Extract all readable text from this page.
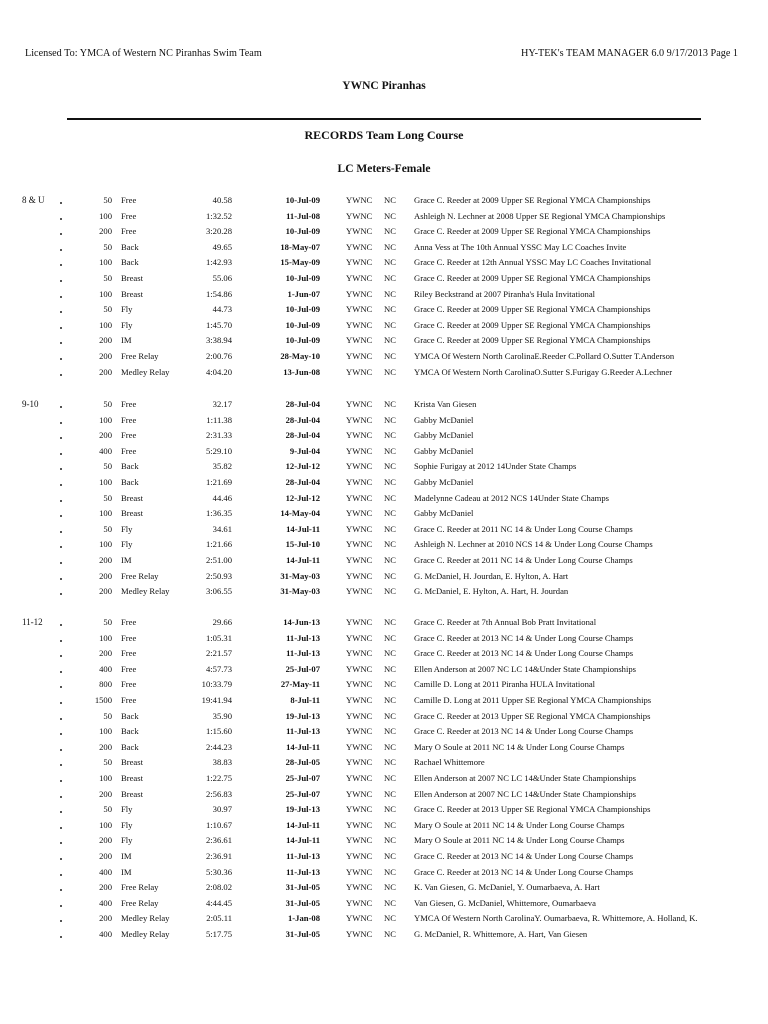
Licensed To: YMCA of Western NC Piranhas Swim Team	HY-TEK's TEAM MANAGER 6.0 9/17/2013 Page 1
YWNC Piranhas
RECORDS Team Long Course
LC Meters-Female
8 & U	50 Free	40.58	10-Jul-09	YWNC NC Grace C. Reeder at 2009 Upper SE Regional YMCA Championships
100 Free	1:32.52	11-Jul-08	YWNC NC Ashleigh N. Lechner at 2008 Upper SE Regional YMCA Championships
200 Free	3:20.28	10-Jul-09	YWNC NC Grace C. Reeder at 2009 Upper SE Regional YMCA Championships
50 Back	49.65	18-May-07	YWNC NC Anna Vess at The 10th Annual YSSC May LC Coaches Invite
100 Back	1:42.93	15-May-09	YWNC NC Grace C. Reeder at 12th Annual YSSC May LC Coaches Invitational
50 Breast	55.06	10-Jul-09	YWNC NC Grace C. Reeder at 2009 Upper SE Regional YMCA Championships
100 Breast	1:54.86	1-Jun-07	YWNC NC Riley Beckstrand at 2007 Piranha's Hula Invitational
50 Fly	44.73	10-Jul-09	YWNC NC Grace C. Reeder at 2009 Upper SE Regional YMCA Championships
100 Fly	1:45.70	10-Jul-09	YWNC NC Grace C. Reeder at 2009 Upper SE Regional YMCA Championships
200 IM	3:38.94	10-Jul-09	YWNC NC Grace C. Reeder at 2009 Upper SE Regional YMCA Championships
200 Free Relay	2:00.76	28-May-10	YWNC NC YMCA Of Western North CarolinaE.Reeder C.Pollard O.Sutter T.Anderson
200 Medley Relay	4:04.20	13-Jun-08	YWNC NC YMCA Of Western North CarolinaO.Sutter S.Furigay G.Reeder A.Lechner
9-10	50 Free	32.17	28-Jul-04	YWNC NC Krista Van Giesen
100 Free	1:11.38	28-Jul-04	YWNC NC Gabby McDaniel
200 Free	2:31.33	28-Jul-04	YWNC NC Gabby McDaniel
400 Free	5:29.10	9-Jul-04	YWNC NC Gabby McDaniel
50 Back	35.82	12-Jul-12	YWNC NC Sophie Furigay at 2012 14Under State Champs
100 Back	1:21.69	28-Jul-04	YWNC NC Gabby McDaniel
50 Breast	44.46	12-Jul-12	YWNC NC Madelynne Cadeau at 2012 NCS 14Under State Champs
100 Breast	1:36.35	14-May-04	YWNC NC Gabby McDaniel
50 Fly	34.61	14-Jul-11	YWNC NC Grace C. Reeder at 2011 NC 14 & Under Long Course Champs
100 Fly	1:21.66	15-Jul-10	YWNC NC Ashleigh N. Lechner at 2010 NCS 14 & Under Long Course Champs
200 IM	2:51.00	14-Jul-11	YWNC NC Grace C. Reeder at 2011 NC 14 & Under Long Course Champs
200 Free Relay	2:50.93	31-May-03	YWNC NC G. McDaniel, H. Jourdan, E. Hylton, A. Hart
200 Medley Relay	3:06.55	31-May-03	YWNC NC G. McDaniel, E. Hylton, A. Hart, H. Jourdan
11-12	50 Free	29.66	14-Jun-13	YWNC NC Grace C. Reeder at 7th Annual Bob Pratt Invitational
100 Free	1:05.31	11-Jul-13	YWNC NC Grace C. Reeder at 2013 NC 14 & Under Long Course Champs
200 Free	2:21.57	11-Jul-13	YWNC NC Grace C. Reeder at 2013 NC 14 & Under Long Course Champs
400 Free	4:57.73	25-Jul-07	YWNC NC Ellen Anderson at 2007 NC LC 14&Under State Championships
800 Free	10:33.79	27-May-11	YWNC NC Camille D. Long at 2011 Piranha HULA Invitational
1500 Free	19:41.94	8-Jul-11	YWNC NC Camille D. Long at 2011 Upper SE Regional YMCA Championships
50 Back	35.90	19-Jul-13	YWNC NC Grace C. Reeder at 2013 Upper SE Regional YMCA Championships
100 Back	1:15.60	11-Jul-13	YWNC NC Grace C. Reeder at 2013 NC 14 & Under Long Course Champs
200 Back	2:44.23	14-Jul-11	YWNC NC Mary O Soule at 2011 NC 14 & Under Long Course Champs
50 Breast	38.83	28-Jul-05	YWNC NC Rachael Whittemore
100 Breast	1:22.75	25-Jul-07	YWNC NC Ellen Anderson at 2007 NC LC 14&Under State Championships
200 Breast	2:56.83	25-Jul-07	YWNC NC Ellen Anderson at 2007 NC LC 14&Under State Championships
50 Fly	30.97	19-Jul-13	YWNC NC Grace C. Reeder at 2013 Upper SE Regional YMCA Championships
100 Fly	1:10.67	14-Jul-11	YWNC NC Mary O Soule at 2011 NC 14 & Under Long Course Champs
200 Fly	2:36.61	14-Jul-11	YWNC NC Mary O Soule at 2011 NC 14 & Under Long Course Champs
200 IM	2:36.91	11-Jul-13	YWNC NC Grace C. Reeder at 2013 NC 14 & Under Long Course Champs
400 IM	5:30.36	11-Jul-13	YWNC NC Grace C. Reeder at 2013 NC 14 & Under Long Course Champs
200 Free Relay	2:08.02	31-Jul-05	YWNC NC K. Van Giesen, G. McDaniel, Y. Oumarbaeva, A. Hart
400 Free Relay	4:44.45	31-Jul-05	YWNC NC Van Giesen, G. McDaniel, Whittemore, Oumarbaeva
200 Medley Relay	2:05.11	1-Jan-08	YWNC NC YMCA Of Western North CarolinaY. Oumarbaeva, R. Whittemore, A. Holland, K.
400 Medley Relay	5:17.75	31-Jul-05	YWNC NC G. McDaniel, R. Whittemore, A. Hart, Van Giesen
